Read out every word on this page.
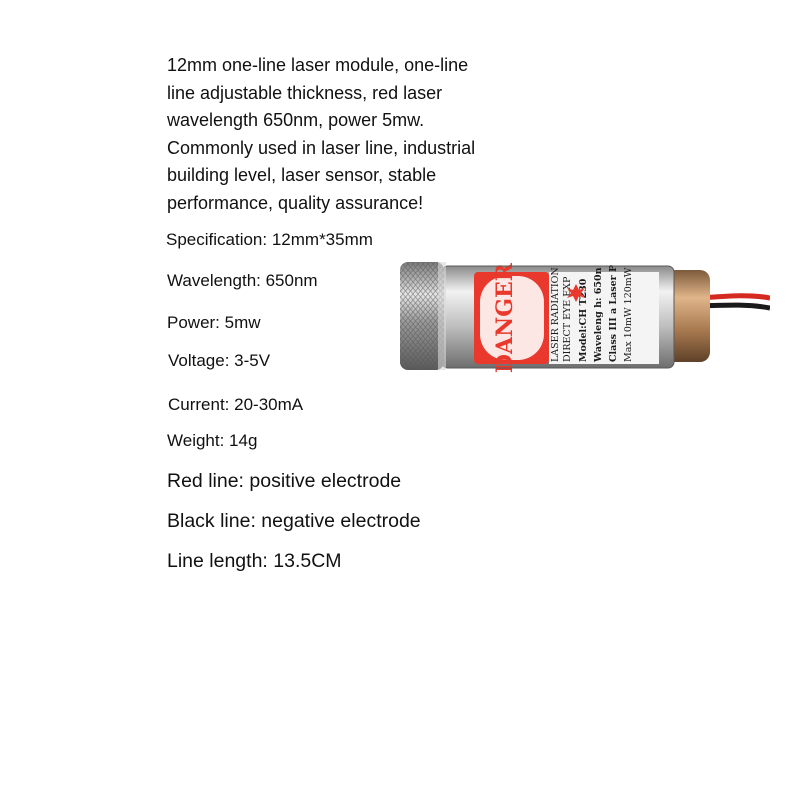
12mm one-line laser module, one-line
line adjustable thickness, red laser
wavelength 650nm, power 5mw.
Commonly used in laser line, industrial
building level, laser sensor, stable
performance, quality assurance!
Specification: 12mm*35mm
Wavelength: 650nm
Power: 5mw
Voltage: 3-5V
Current: 20-30mA
Weight: 14g
Red line: positive electrode
Black line: negative electrode
Line length: 13.5CM
DANGER	LASER RADIATION DIRECT EYE EXP Model:CH T230 Waveleng h: 650n Class III a Laser P Max 10mW 120mW
